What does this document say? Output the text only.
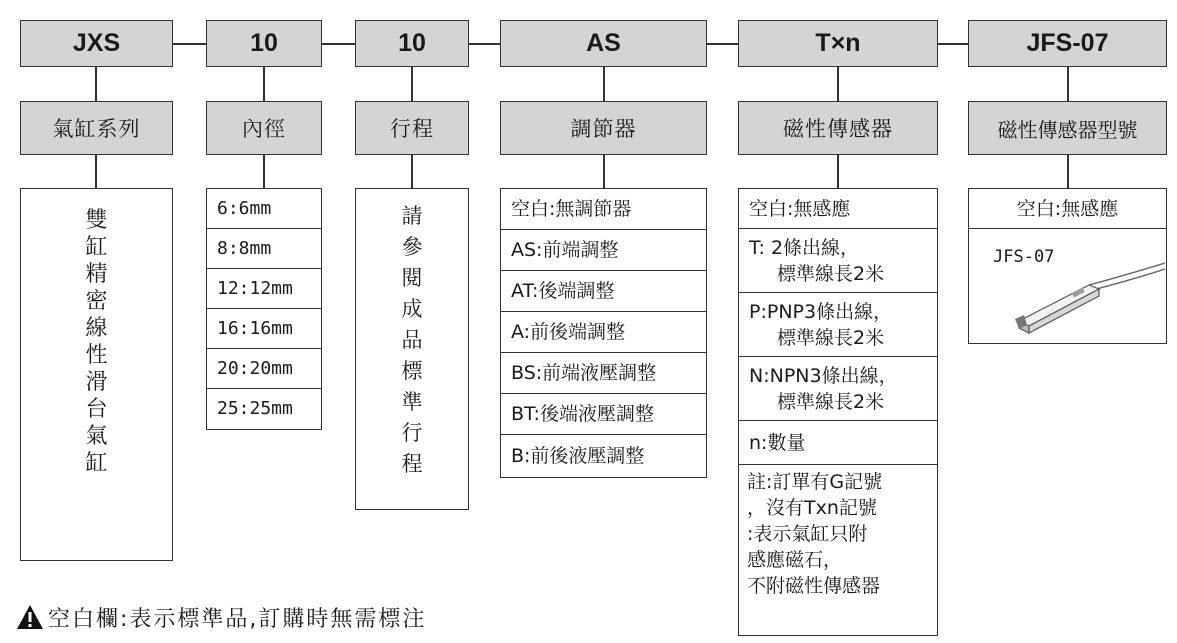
JXS	10	10	AS	T×n	JFS-07
氣缸系列	內徑	行程	調節器	磁性傳感器	磁性傳感器型號
雙
缸
精
密
線
性
滑
台
氣
缸
6:6mm
8:8mm
12:12mm
16:16mm
20:20mm
25:25mm
請
參
閱
成
品
標
準
行
程
空白:無調節器
AS:前端調整
AT:後端調整
A:前後端調整
BS:前端液壓調整
BT:後端液壓調整
B:前後液壓調整
空白:無感應
T: 2條出線，
標準線長2米
P:PNP3條出線，
標準線長2米
N:NPN3條出線，
標準線長2米
n:數量
註:訂單有G記號
，沒有Txn記號
:表示氣缸只附
感應磁石，
不附磁性傳感器
空白:無感應
JFS-07
空白欄:表示標準品,訂購時無需標注
